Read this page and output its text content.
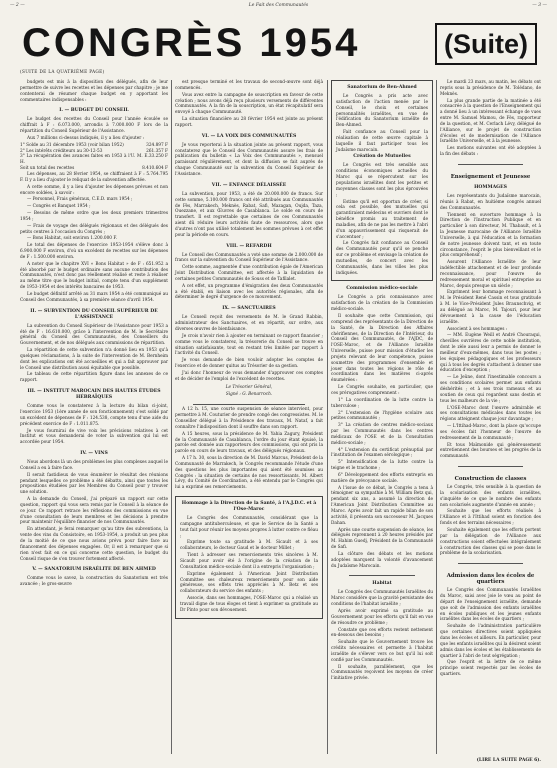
— 2 —	Le Fait des Communautés	— 3 —
CONGRÈS 1954	(Suite)
(SUITE DE LA QUATRIÈME PAGE)

budgets est mis à la disposition des délégués, afin de leur permettre de suivre les recettes et les dépenses par chapitre ; je me contenterai de résumer chaque budget en y apportant les commentaires indispensables :

I. — BUDGET DU CONSEIL

Le budget des recettes du Conseil pour l'année écoulée se chiffrait à F : 6.073.000, arrondis à 7.000.000 F lors de la répartition du Conseil Supérieur de l'Assistance.

Aux 7 millions ci-dessus indiqués, il y a lieu d'ajouter :

1° Solde au 31 décembre 1953 (voir bilan 1952)	324.897 F
2° Les intérêts créditeurs au 30-12-53	261.357 F
3° La récupération des avances faites en 1953 à l'U. M. E. H.
33.250 F
Soit un total des recettes	8.410.604 F

Les dépenses, au 28 février 1954, se chiffraient à F : 5.764.795 F. Il y a lieu d'ajouter le reliquat de la subvention affectée.

A cette somme, il y a lieu d'ajouter les dépenses prévues et non encore soldées, à savoir :

— Personnel, Frais généraux, C.E.D. mars 1954 ;

— Congrès et Banquet 1954 ;

— Besoins de même ordre que les deux premiers trimestres 1954 ;

— Frais de voyage des délégués régionaux et des délégués des petits centres à l'occasion du Congrès ;

— Bons Habitat, soit environ 1.200.000 F.

Le total des dépenses de l'exercice 1953-1954 s'élève donc à 6.900.000 F environ, d'où un excédent de recettes sur les dépenses de F : 1.500.000 environ.

A noter que le chapitre XVI « Bons Habitat » de F : 651.952 a été absorbé par le budget ordinaire sans aucune contribution des Communautés, n'est donc pas réellement réalisé et reste à réaliser au même titre que le budget initial, compte tenu d'un supplément de 1953-1954 et des intérêts bancaires de 1953.

Le budget définitif arrêté au 31 mars 1954 a été communiqué au Conseil des Communautés, à sa première séance d'avril 1954.

II. — SUBVENTION DU CONSEIL SUPÉRIEUR DE L'ASSISTANCE

La subvention du Conseil Supérieur de l'Assistance pour 1953 a été de F : 16.610.000, grâce à l'intervention de M. le Secrétaire général du Conseil des Communautés, des Conseillers du Gouvernement, et de nos délégués aux commissions de répartition.

La répartition de cette subvention n'a donné lieu en 1953 qu'à quelques réclamations, à la suite de l'intervention de M. Bernheim dont les explications ont été accueillies et qui a fait approuver par le Conseil une distribution aussi équitable que possible.

Le tableau de cette répartition figure dans les annexes de ce rapport.

III. — INSTITUT MAROCAIN DES HAUTES ÉTUDES HÉBRAÏQUES

Comme vous le constaterez à la lecture du bilan ci-joint, l'exercice 1953 (1ère année de son fonctionnement) s'est soldé par un excédent de dépenses de F : 124.538, compte tenu d'une aide du précédent exercice de F : 1.011.875.

Je vous fournirai de vive voix les précisions relatives à cet Institut et vous demanderai de voter la subvention qui lui est accordée pour 1954.

IV. — VINS

Nous abordons là un des problèmes les plus complexes auquel le Conseil a eu à faire face.

Il serait fastidieux de vous énumérer le résultat des réunions pendant lesquelles ce problème a été débattu, ainsi que toutes les propositions étudiées par les Membres du Conseil pour y trouver une solution.

A la demande du Conseil, j'ai préparé un rapport sur cette question, rapport qui vous sera remis par le Conseil à la séance de ce jour. Ce rapport retrace les réflexions des commissions en vue d'une consultation de leurs membres et les décisions à prendre pour maintenir l'équilibre financier de nos Communautés.

En attendant, je ferai remarquer qu'au titre des subventions, la vente des vins du Consistoire, en 1953-1954, a produit un peu plus de la moitié de ce que nous avions prévu pour faire face au financement des dépenses engagées. Or, il est à remarquer que si rien n'est fait en ce qui concerne cette question, le budget du Conseil risque de s'en trouver fortement affecté.

V. — SANATORIUM ISRAÉLITE DE BEN AHMED

Comme vous le savez, la construction du Sanatorium est très avancée ; le gros-œuvre

est presque terminé et les travaux de second-œuvre sont déjà commencés.

Vous avez entre la campagne de souscription en faveur de cette création ; nous avons déjà reçu plusieurs versements de différentes Communautés. A la fin de la souscription, un état récapitulatif sera envoyé à chaque Communauté.

La situation financière au 28 février 1954 est jointe au présent rapport.

VI. — LA VOIX DES COMMUNAUTÉS

Je vous reporterai à la situation jointe au présent rapport, vous constaterez que le Conseil des Communautés assure les frais de publication du bulletin « La Voix des Communautés », mensuel paraissant régulièrement, et dont la diffusion se fait auprès de chaque Communauté sur la subvention du Conseil Supérieur de l'Assistance.

VII. — ENFANCE DÉLAISSÉE

La subvention, pour 1953, a été de 20.000.000 de francs. Sur cette somme, 5.100.000 francs ont été attribués aux Communautés de Fès, Marrakech, Meknès, Rabat, Safi, Mazagan, Oujda, Taza, Ouezzane, et aux Œuvres de Casablanca. Le solde en cours de transfert. Il est regrettable que certaines de ces Communautés aient dû réduire leurs activités faute de ressources, alors que d'autres n'ont pas utilisé totalement les sommes prévues à cet effet pour la période en cours.

VIII. — REFARDH

Le Conseil des Communautés a voté une somme de 2.000.000 de francs sur la subvention du Conseil Supérieur de l'Assistance.

Cette somme, augmentée d'une contribution égale de l'American Joint Distribution Committee, est affectée à la liquidation de certaines petites Communautés de Souss et de Tafilalet.

A cet effet, un programme d'émigration des deux Communautés a été établi, en liaison avec les autorités régionales, afin de déterminer le degré d'urgence de ce mouvement.

IX. — SANCTUAIRES

Le Conseil reçoit des versements de M. le Grand Rabbin, administrateur des Sanctuaires, et en répartit, sur ordre, aux diverses œuvres de bienfaisance.

Je crois n'avoir rien à ajouter en terminant ce rapport financier ; comme vous le constaterez, la trésorerie du Conseil se trouve en situation satisfaisante, tout en restant très limitée par rapport à l'activité du Conseil.

Je vous demande de bien vouloir adopter les comptes de l'exercice et de donner quitus au Trésorier de sa gestion.

J'ai donc l'honneur de vous demander d'approuver ces comptes et de décider de l'emploi de l'excédent de recettes.

Le Trésorier Général,
Signé : G. Benarroch.

A 12 h. 15, une courte suspension de séance intervient, pour permettre à M. Couturier de prendre congé des congressistes. M. le Conseiller délégué à la Présidence des travaux, M. Nataf, a fait connaître l'indisposition dont il souffre dans son rapport.

A 15 heures, sous la présidence de M. Yahia Zagury, Président de la Communauté de Casablanca, l'ordre du jour étant épuisé, la parole est donnée aux rapporteurs des commissions, qui ont pris la parole en cours de leurs travaux, et des délégués régionaux.

A 17 h. 30, sous la direction de M. David Marcus, Président de la Communauté de Marrakech, le Congrès recommande l'étude d'une des questions les plus importantes qui aient été soumises au Congrès : la situation de certains de nos ressortissants. M. Albert Lévy, du Comité de Coordination, a été entendu par le Congrès qui lui a exprimé ses remerciements.

Hommage à la Direction de la Santé, à l'A.J.D.C. et à l'Ose-Maroc

Le Congrès des Communautés, considérant que la campagne antituberculeuse, et que le Service de la Santé a tout fait pour réunir les moyens propres à lutter contre ce fléau ;

Exprime toute sa gratitude à M. Sicault et à ses collaborateurs, le docteur Gaud et le docteur Millet ;

Tient à adresser ses remerciements très sincères à M. Sicault pour avoir été à l'origine de la création de la Consultation médico-sociale dont il a entrepris l'organisation ;

Exprime également à l'American Joint Distribution Committee ses chaleureux remerciements pour son aide généreuse, ses effets très appréciés à M. Betz et ses collaborateurs du service des enfants ;

Associe, dans ses hommages, l'OSE-Maroc qui a réalisé un travail digne de tous éloges et tient à exprimer sa gratitude au Dr Pinto pour son dévouement.

Sanatorium de Ben-Ahmed

Le Congrès a pris acte avec satisfaction de l'action menée par le Conseil, le choix et certaines personnalités israélites, en vue de l'édification du Sanatorium israélite de Ben-Ahmed.

Fait confiance au Conseil pour la réalisation de cette œuvre capitale à laquelle il faut participer tous les Judaïsme marocain.

Création de Mutuelles

Le Congrès est très sensible aux conditions économiques actuelles du Maroc qui se répercutent sur les populations israélites dont les petites et moyennes classes sont les plus éprouvées ;

Estime qu'il est opportun de créer, si cela est possible, des mutuelles qui garantiraient médecins et ouvriers dont le bénéfice promis au traitement de maladies, afin de ne pas les mettre à l'abri d'un appauvrissement qui risquerait de s'accentuer ;

Le Congrès fait confiance au Conseil des Communautés pour qu'il se penche sur ce problème et envisage la création de mutuelles, de concert avec les Communautés, dans les villes les plus indiquées.

Commission médico-sociale

Le Congrès a pris connaissance avec satisfaction de la création de la Commission médico-sociale.

Il souhaite que cette Commission, qui comprend des représentants de la Direction de la Santé, de la Direction des Affaires chérifiennes, de la Direction de l'Intérieur, du Conseil des Communautés, de l'AJDC, de l'OSE-Maroc, et de l'Alliance Israélite Universelle, puisse pour mission d'étudier les projets relevant de leur compétence, puisse soumettre des programmes d'ensemble et jouer dans toutes les régions le rôle de coordination dans les matières ci-après énumérées :

Le Congrès souhaite, en particulier, que ces prérogatives comprennent :

1° La coordination de la lutte contre la tuberculose ;

2° L'extension de l'hygiène scolaire aux petites communautés ;

3° La création de centres médico-sociaux par les Communautés dans les centres médicaux de l'OSE et de la Consultation médico-sociale ;

4° L'extension du certificat prénuptial par l'institution de l'examen sérologique ;

5° Intensification de la lutte contre la teigne et le trachome ;

6° Développement des efforts entrepris en matière de prévoyance sociale.

A l'issue de ce débat, le Congrès a tenu à témoigner sa sympathie à M. William Betz qui, pendant six ans, a assumé la direction de l'American Joint Distribution Committee au Maroc. Après avoir fait un rapide bilan de son activité, il présenta son successeur M. Jacques Dahan.

Après une courte suspension de séance, les délégués reprennent à 20 heures présidés par M. Hahim Guedj, Président de la Communauté de Safi.

La clôture des débats et les motions adoptées marquent la volonté d'avancement du Judaïsme Marocain.

Habitat

Le Congrès des Communautés Israélites du Maroc considère que la gravité persistante des conditions de l'habitat israélite ;

Après avoir exprimé sa gratitude au Gouvernement pour les efforts qu'il fait en vue de résoudre ce problème ;

Constate que ces efforts restent nettement en-dessous des besoins ;

Souhaite que le Gouvernement trouve les crédits nécessaires et permette à l'habitat israélite de s'élever vers ce but qu'il lui soit confié par les Communautés.

Il souhaite, parallèlement, que les Communautés reçoivent les moyens de créer l'initiative privée.

Le mardi 23 mars, au matin, les débats ont repris sous la présidence de M. Tolédano, de Meknès.

La plus grande partie de la matinée a été consacrée à la question de l'Enseignement qui a donné lieu à un intéressant échange de vues entre M. Samuel Mamou, de Fès, rapporteur de la question, et M. Cerlach Lévy, délégué de l'Alliance, sur le projet de construction d'écoles et de modernisation de l'Alliance Israélite Universelle, et à la jeunesse.

Les motions suivantes ont été adoptées à la fin des débats :

Enseignement et Jeunesse
HOMMAGES

Les représentants du Judaïsme marocain, réunis à Rabat, en huitième congrès annuel des Communautés.

Tiennent en ouverture hommage à la Direction de l'Instruction Publique et en particulier à son directeur, M. Thabault, et à la Jeunesse marocaine de l'Alliance Israélite Universelle, à qui l'éducation et la formation de notre jeunesse doivent tant, et en toute circonstance, l'esprit le plus bienveillant et le plus compréhensif ;

Assurent l'Alliance Israélite de leur indéfectible attachement et de leur profonde reconnaissance, pour l'œuvre de redressement moral et spirituel entreprise au Maroc, depuis presque un siècle ;

Expriment leur hommage reconnaissant à M. le Président René Cassin et tous gratitude à M. le Vice-Président Jules Braunschvig, et au délégué au Maroc, M. Tajouri, pour leur dévouement à la cause de l'éducation israélite.

Associent à ses hommages :

— MM. Eugène Weill et André Chouraqui, chevilles ouvrières de cette noble institution, dont le zèle aussi leur a permis de donner le meilleur d'eux-mêmes, dans tous les postes ; les équipes pédagogiques et les professeurs qui à tous les degrés s'attachent à donner une éducation d'exception ;

— Le Jeûne, dont l'inestimable concours a ses conditions scolaires permet aux enfants déshérités ; et à ses trois rameaux et au soutien de ceux qui regardent sans destin et tous les malheurs de la vie ;

L'OSE-Maroc dont l'œuvre admirable et ses consultations médicales dans toutes les régions atteignent chaque jour davantage ;

— L'Ittihad-Maroc, dont la place qu'occupe ses écoles fait l'honneur de l'œuvre de redressement de la communauté ;

Et tous Maïmonide qui généreusement entretiennent des bourses et les progrès de la communauté.

Construction de classes

Le Congrès, très sensible à la question de la scolarisation des enfants israélites, s'inquiète de ce que le nombre des enfants non scolarisés augmente d'année en année ;

Souhaite que les efforts réalisés à l'Alliance et à l'Ittihad soient en fonction des fonds et des terrains nécessaires ;

Souhaite également que les efforts portent par la délégation de l'Alliance aux constructions soient effectuées intégralement à construction des classes qui se pose dans le problème de la scolarisation.

Admission dans les écoles de quartiers

Le Congrès des Communautés Israélites du Maroc, saisi avec joie le vœu au point de départ de l'enseignement israélite, demande que soit de l'admission des enfants israélites en écoles publiques et les jeunes enfants israélites dans les écoles de quartiers ;

Souhaite de l'administration particulière que certaines directives soient appliquées dans les écoles et ailleurs. En particulier, pour que les enfants israélites qui la désirent soient admis dans les écoles et les établissements de quartier à l'abri de tout ségrégation ;

Que l'esprit et la lettre de ce même principe soient respectés par les écoles de quartiers.

(LIRE LA SUITE PAGE 6).
